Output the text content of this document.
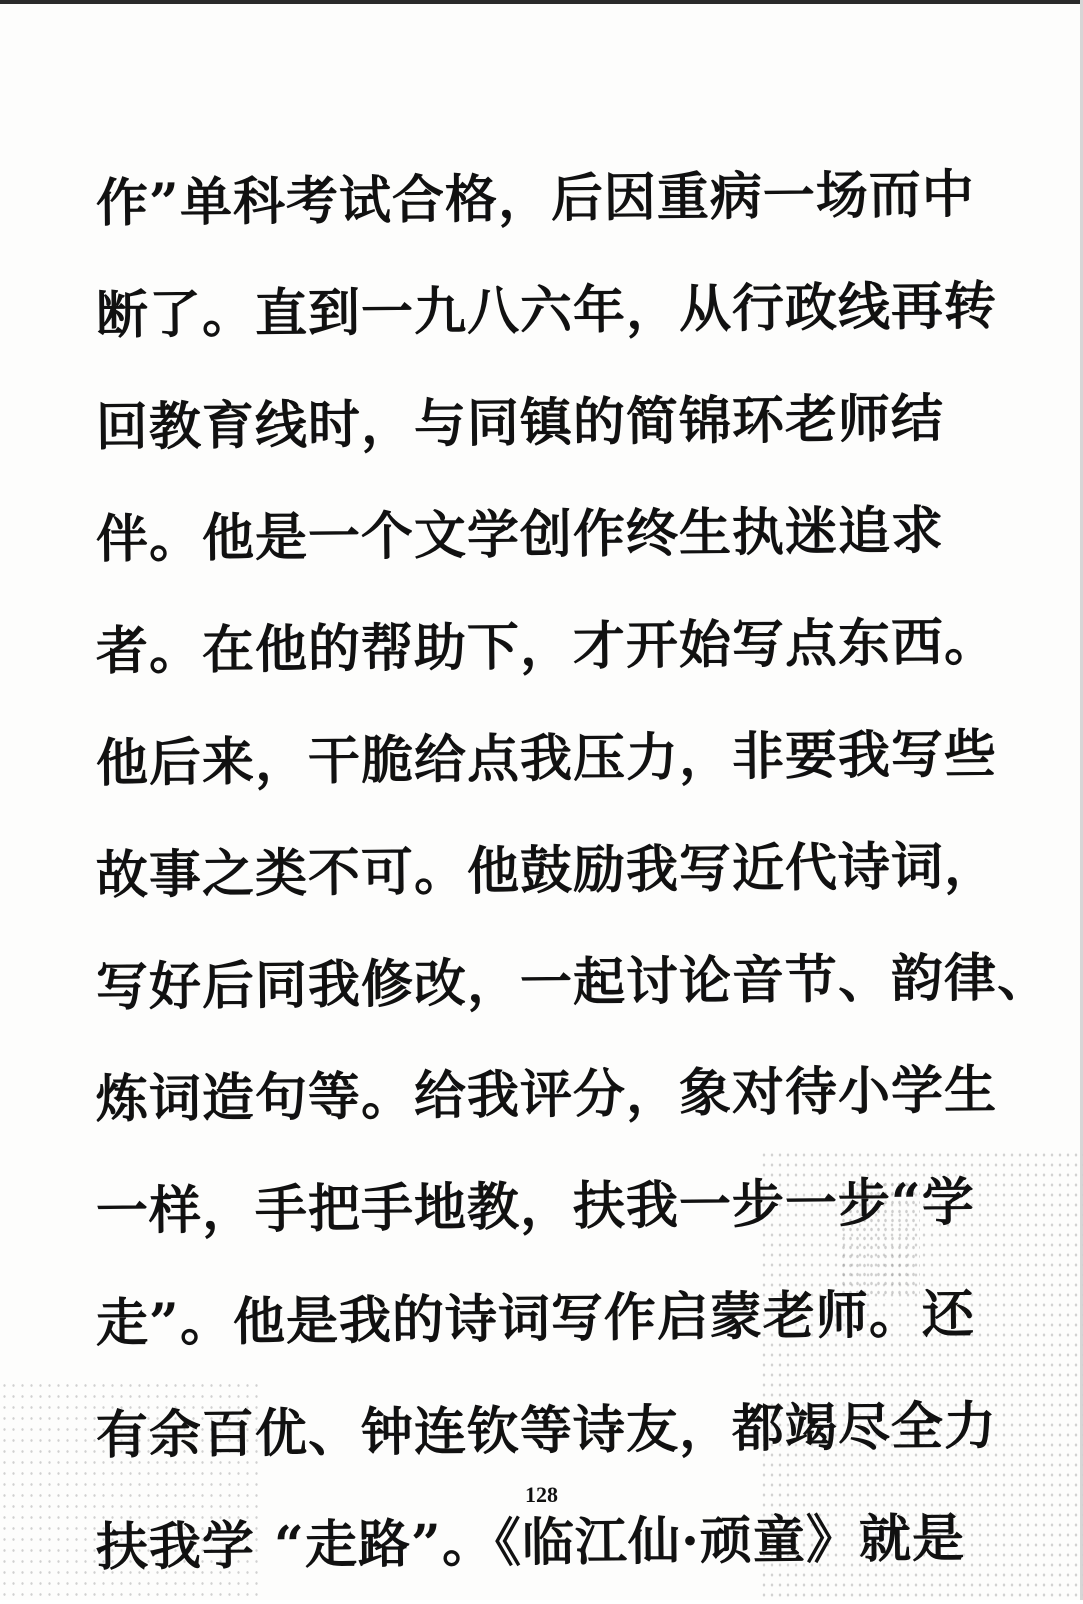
作”单科考试合格，后因重病一场而中
断了。直到一九八六年，从行政线再转
回教育线时，与同镇的简锦环老师结
伴。他是一个文学创作终生执迷追求
者。在他的帮助下，才开始写点东西。
他后来，干脆给点我压力，非要我写些
故事之类不可。他鼓励我写近代诗词，
写好后同我修改，一起讨论音节、韵律、
炼词造句等。给我评分，象对待小学生
一样，手把手地教，扶我一步一步“学
走”。他是我的诗词写作启蒙老师。还
有余百优、钟连钦等诗友，都竭尽全力
扶我学 “走路”。《临江仙·顽童》就是
128
